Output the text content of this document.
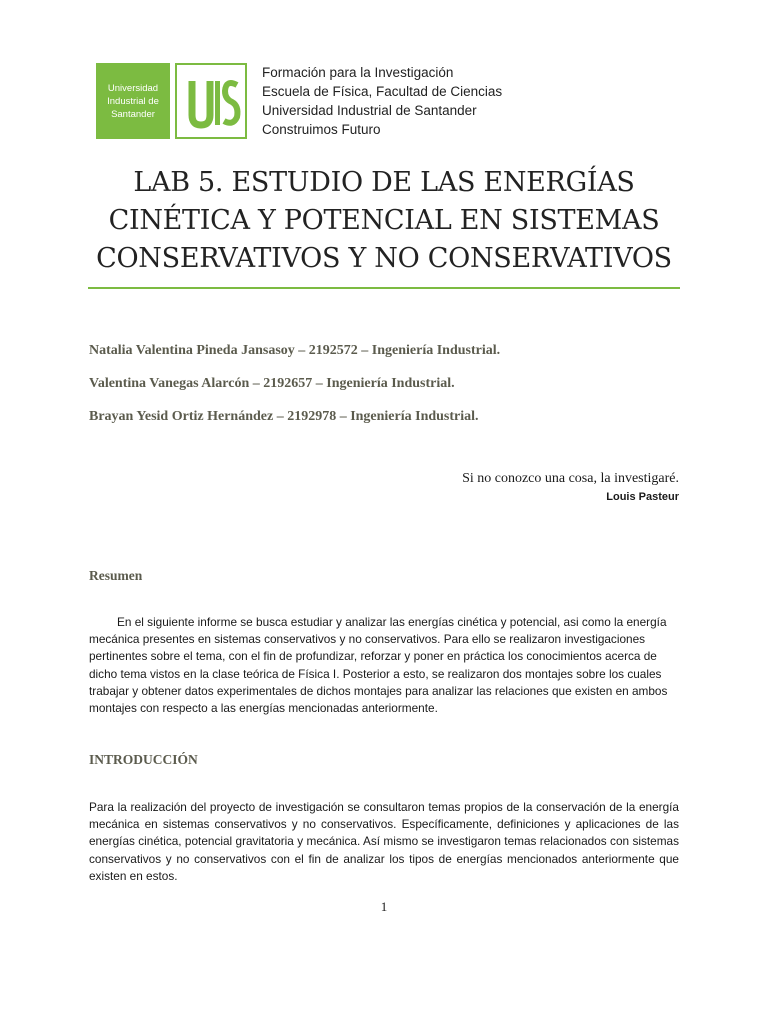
Universidad
Industrial de
Santander
Formación para la Investigación
Escuela de Física, Facultad de Ciencias
Universidad Industrial de Santander
Construimos Futuro
LAB 5. ESTUDIO DE LAS ENERGÍAS
CINÉTICA Y POTENCIAL EN SISTEMAS
CONSERVATIVOS Y NO CONSERVATIVOS
Natalia Valentina Pineda Jansasoy – 2192572 – Ingeniería Industrial.
Valentina Vanegas Alarcón – 2192657 – Ingeniería Industrial.
Brayan Yesid Ortiz Hernández – 2192978 – Ingeniería Industrial.
Si no conozco una cosa, la investigaré.
Louis Pasteur
Resumen
En el siguiente informe se busca estudiar y analizar las energías cinética y potencial, asi como la energía mecánica presentes en sistemas conservativos y no conservativos. Para ello se realizaron investigaciones pertinentes sobre el tema, con el fin de profundizar, reforzar y poner en práctica los conocimientos acerca de dicho tema vistos en la clase teórica de Física I. Posterior a esto, se realizaron dos montajes sobre los cuales trabajar y obtener datos experimentales de dichos montajes para analizar las relaciones que existen en ambos montajes con respecto a las energías mencionadas anteriormente.
INTRODUCCIÓN
Para la realización del proyecto de investigación se consultaron temas propios de la conservación de la energía mecánica en sistemas conservativos y no conservativos. Específicamente, definiciones y aplicaciones de las energías cinética, potencial gravitatoria y mecánica. Así mismo se investigaron temas relacionados con sistemas conservativos y no conservativos con el fin de analizar los tipos de energías mencionados anteriormente que existen en estos.
1
